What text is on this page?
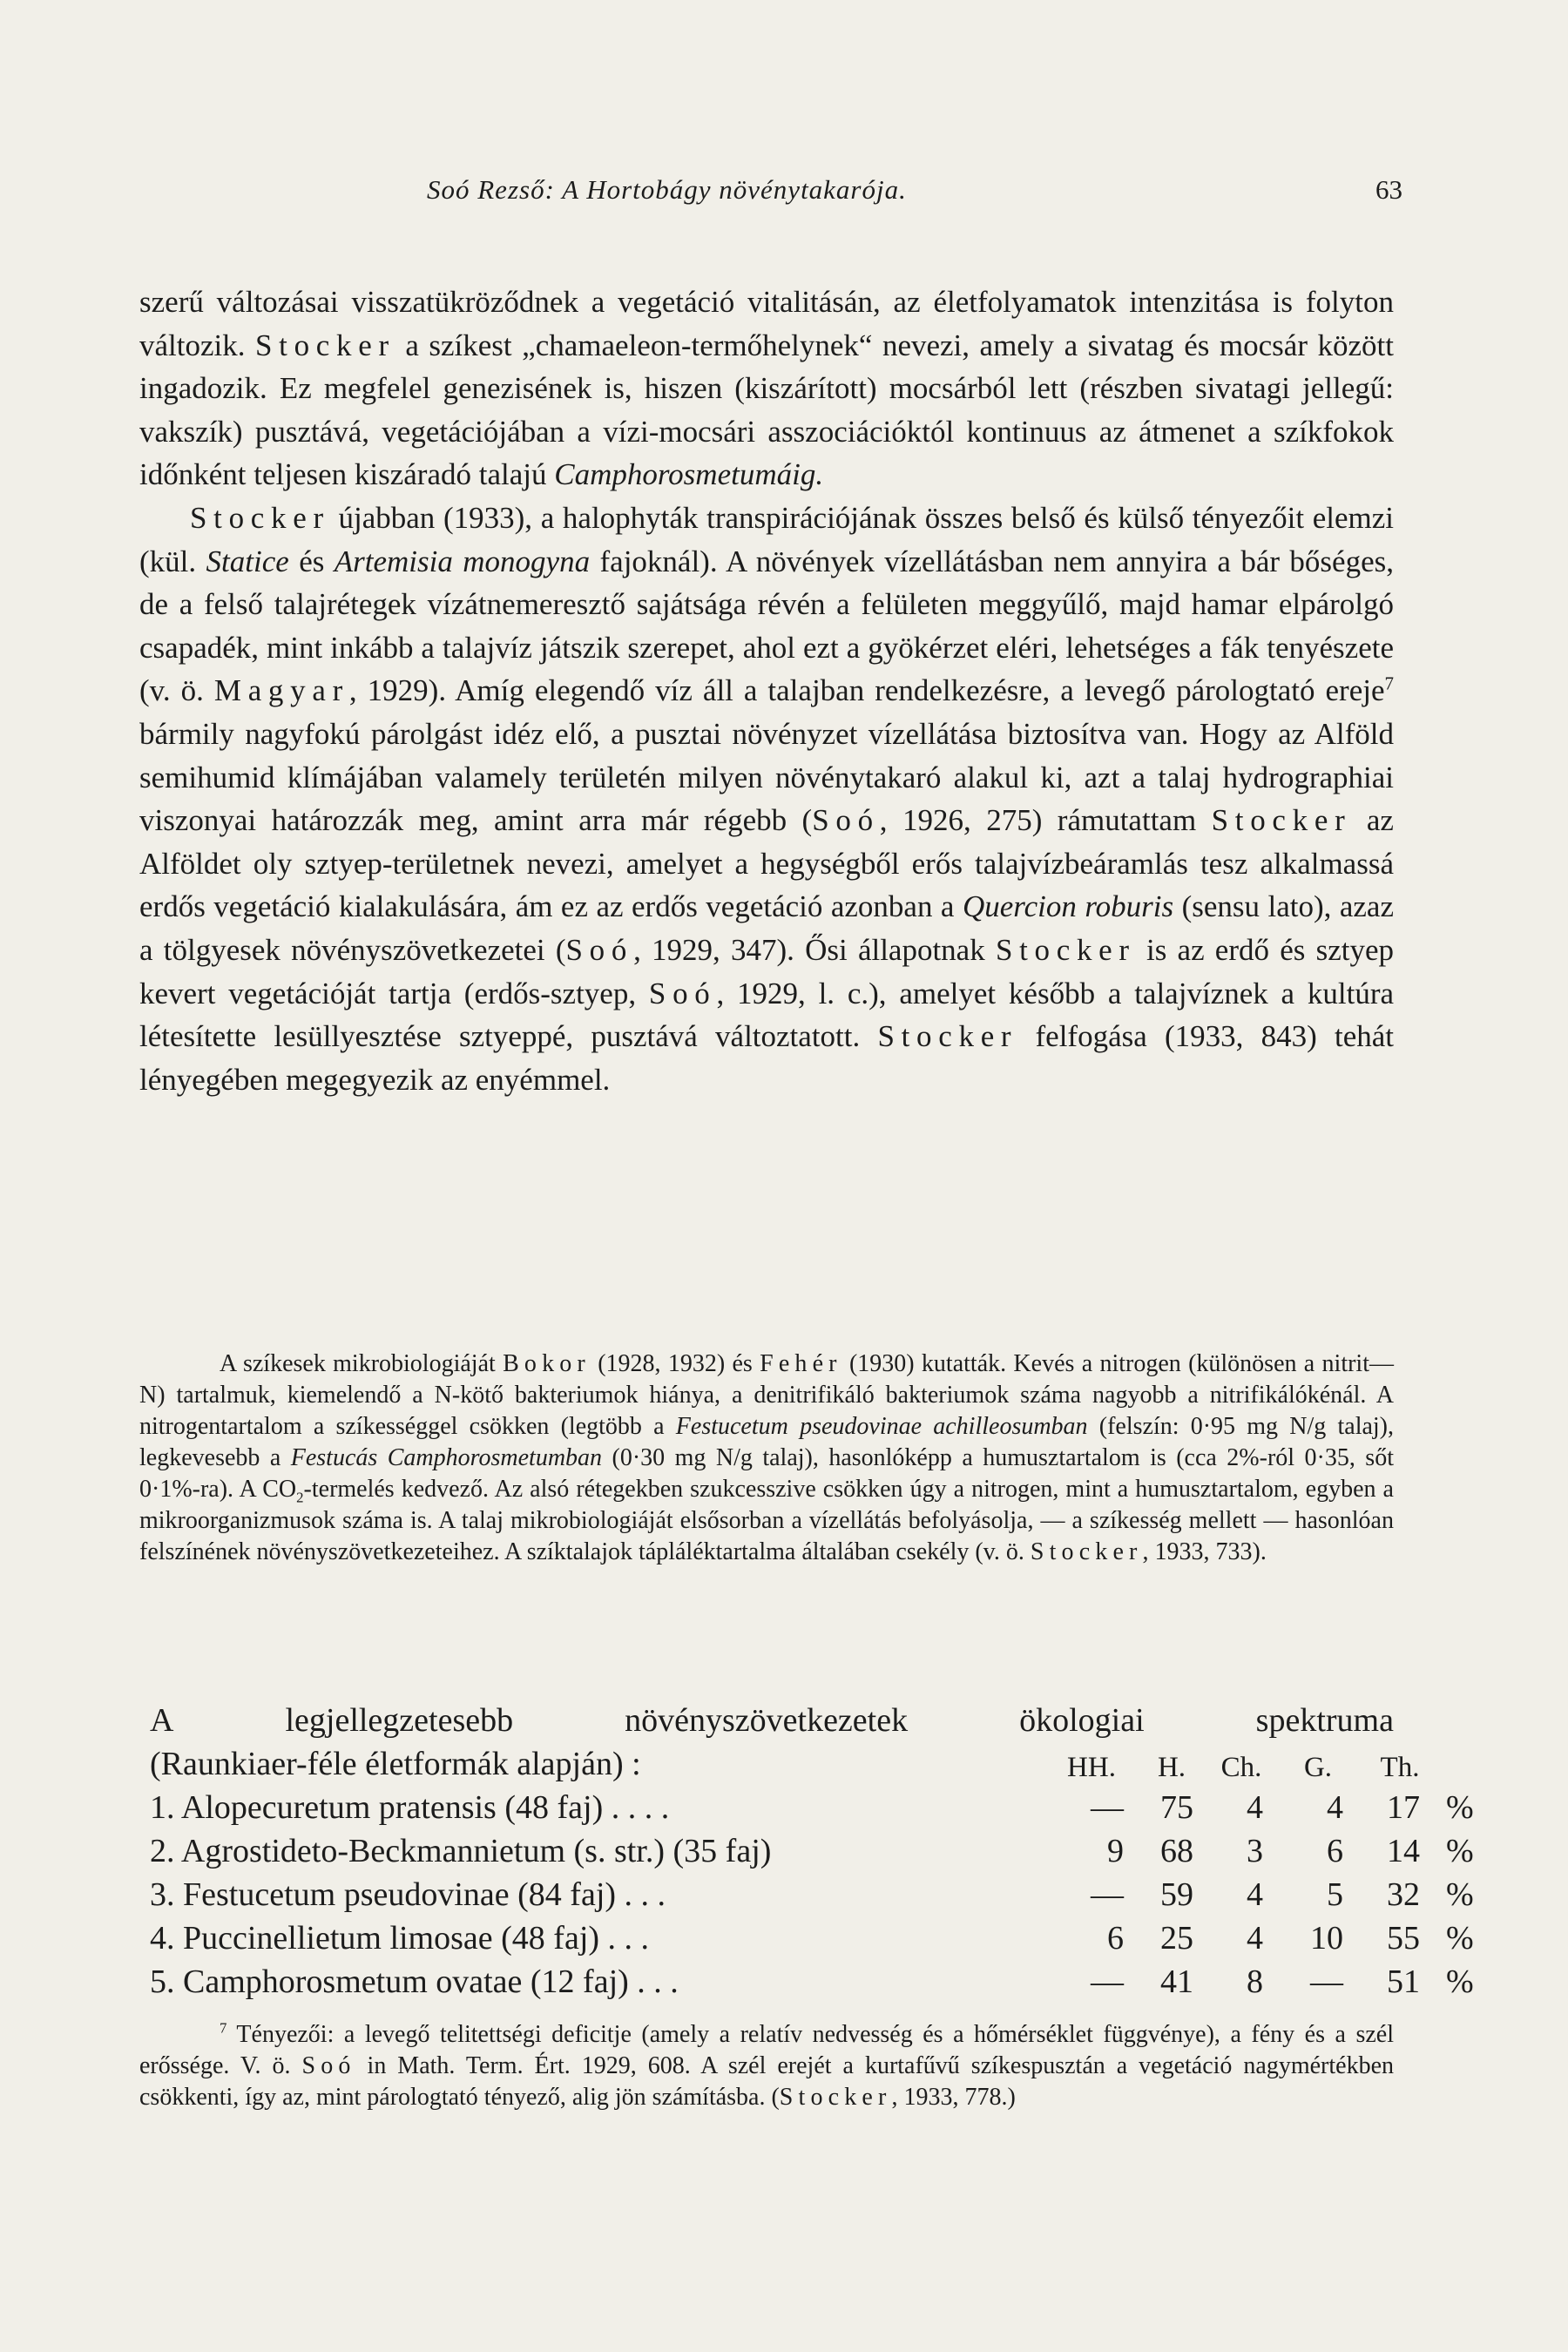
Soó Rezső: A Hortobágy növénytakarója.	63

szerű változásai visszatükröződnek a vegetáció vitalitásán, az életfolyamatok intenzitása is folyton változik. Stocker a szíkest „chamaeleon-termőhelynek“ nevezi, amely a sivatag és mocsár között ingadozik. Ez megfelel genezisének is, hiszen (kiszárított) mocsárból lett (részben sivatagi jellegű: vakszík) pusztává, vegetációjában a vízi-mocsári asszociációktól kontinuus az átmenet a szíkfokok időnként teljesen kiszáradó talajú Camphorosmetumáig.

Stocker újabban (1933), a halophyták transpirációjának összes belső és külső tényezőit elemzi (kül. Statice és Artemisia monogyna fajoknál). A növények vízellátásban nem annyira a bár bőséges, de a felső talajrétegek vízátnemeresztő sajátsága révén a felületen meggyűlő, majd hamar elpárolgó csapadék, mint inkább a talajvíz játszik szerepet, ahol ezt a gyökérzet eléri, lehetséges a fák tenyészete (v. ö. Magyar, 1929). Amíg elegendő víz áll a talajban rendelkezésre, a levegő párologtató ereje$^7$ bármily nagyfokú párolgást idéz elő, a pusztai növényzet vízellátása biztosítva van. Hogy az Alföld semihumid klímájában valamely területén milyen növénytakaró alakul ki, azt a talaj hydrographiai viszonyai határozzák meg, amint arra már régebb (Soó, 1926, 275) rámutattam Stocker az Alföldet oly sztyep-területnek nevezi, amelyet a hegységből erős talajvízbeáramlás tesz alkalmassá erdős vegetáció kialakulására, ám ez az erdős vegetáció azonban a Quercion roburis (sensu lato), azaz a tölgyesek növényszövetkezetei (Soó, 1929, 347). Ősi állapotnak Stocker is az erdő és sztyep kevert vegetációját tartja (erdős-sztyep, Soó, 1929, l. c.), amelyet később a talajvíznek a kultúra létesítette lesüllyesztése sztyeppé, pusztává változtatott. Stocker felfogása (1933, 843) tehát lényegében megegyezik az enyémmel.

A szíkesek mikrobiologiáját Bokor (1928, 1932) és Fehér (1930) kutatták. Kevés a nitrogen (különösen a nitrit—N) tartalmuk, kiemelendő a N-kötő bakteriumok hiánya, a denitrifikáló bakteriumok száma nagyobb a nitrifikálókénál. A nitrogentartalom a szíkességgel csökken (legtöbb a Festucetum pseudovinae achilleosumban (felszín: 0·95 mg N/g talaj), legkevesebb a Festucás Camphorosmetumban (0·30 mg N/g talaj), hasonlóképp a humusztartalom is (cca 2%-ról 0·35, sőt 0·1%-ra). A $CO_2$-termelés kedvező. Az alsó rétegekben szukcesszive csökken úgy a nitrogen, mint a humusztartalom, egyben a mikroorganizmusok száma is. A talaj mikrobiologiáját elsősorban a vízellátás befolyásolja, — a szíkesség mellett — hasonlóan felszínének növényszövetkezeteihez. A szíktalajok tápláléktartalma általában csekély (v. ö. Stocker, 1933, 733).

A	legjellegzetesebb	növényszövetkezetek	ökologiai	spektruma
(Raunkiaer-féle életformák alapján) :	HH.	H.	Ch.	G.	Th.
1. Alopecuretum pratensis (48 faj) . . . .	—	75	4	4	17 %
2. Agrostideto-Beckmannietum (s. str.) (35 faj)	9	68	3	6	14 %
3. Festucetum pseudovinae (84 faj) . . .	—	59	4	5	32 %
4. Puccinellietum limosae (48 faj) . . .	6	25	4	10	55 %
5. Camphorosmetum ovatae (12 faj) . . .	—	41	8	—	51 %

$^7$ Tényezői: a levegő telitettségi deficitje (amely a relatív nedvesség és a hőmérséklet függvénye), a fény és a szél erőssége. V. ö. Soó in Math. Term. Ért. 1929, 608. A szél erejét a kurtafűvű szíkespusztán a vegetáció nagymértékben csökkenti, így az, mint párologtató tényező, alig jön számításba. (Stocker, 1933, 778.)
